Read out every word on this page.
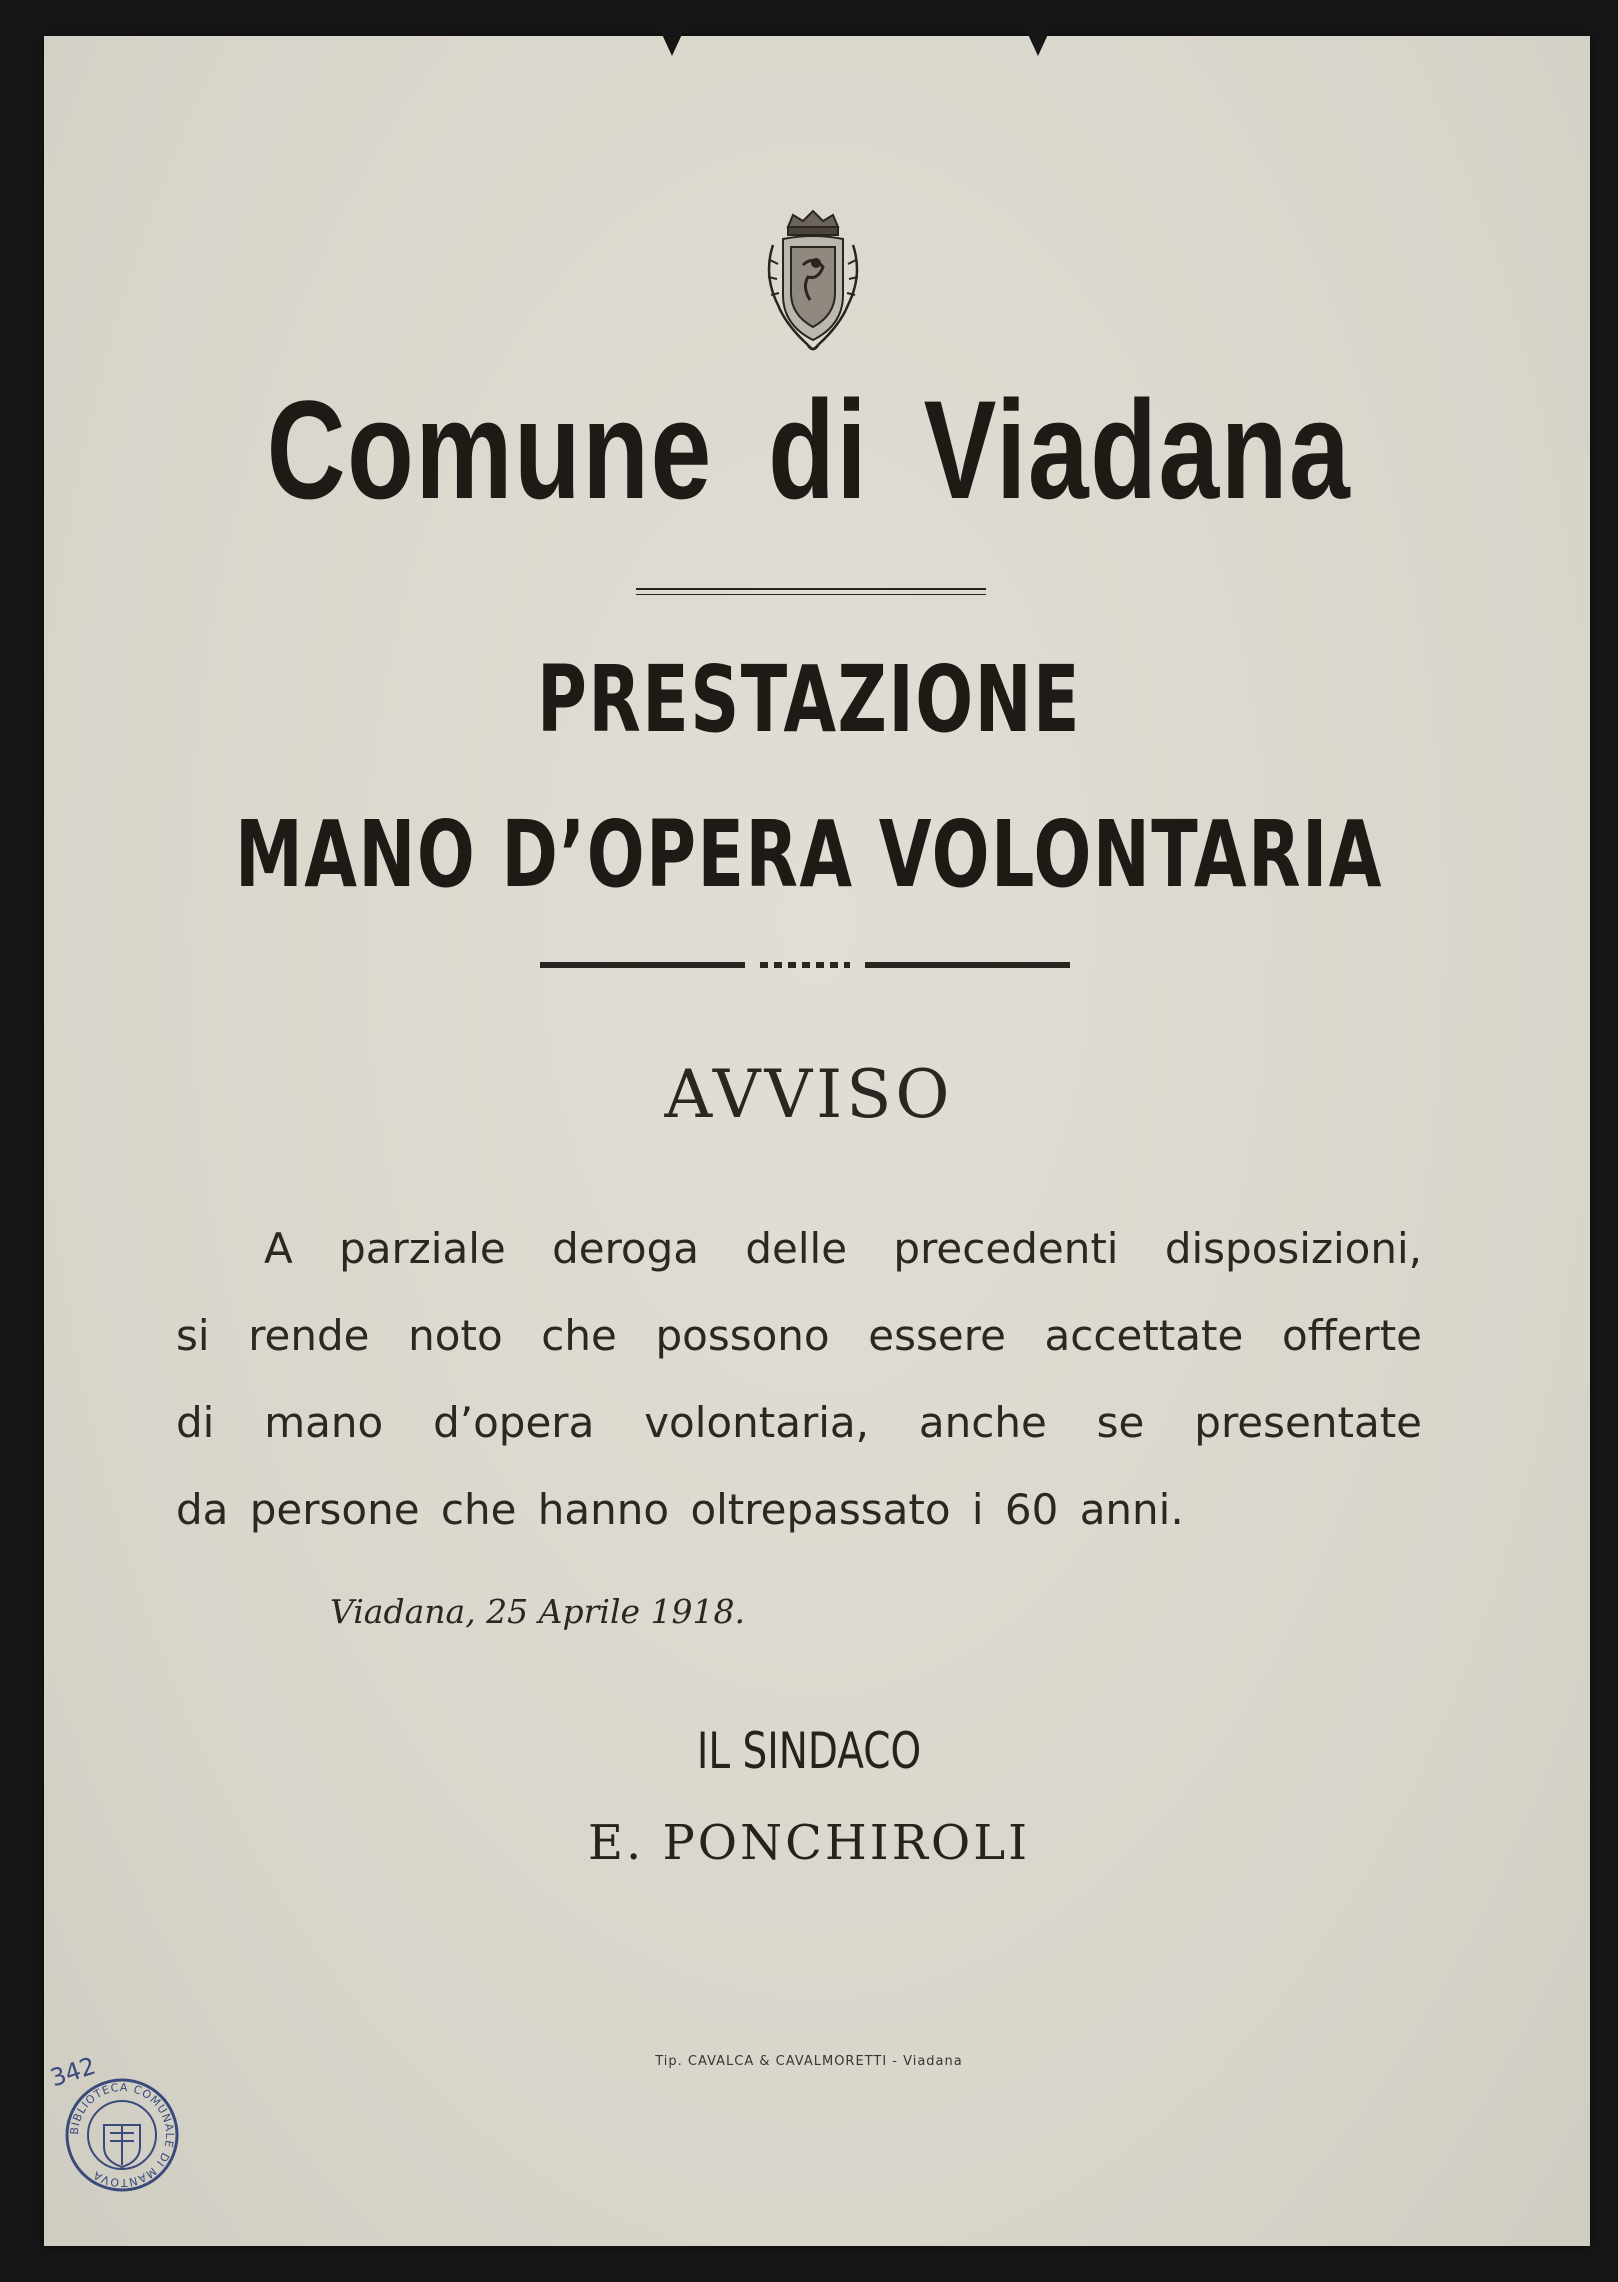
Comune di Viadana
PRESTAZIONE
MANO D’OPERA VOLONTARIA
AVVISO
A parziale deroga delle precedenti disposizioni,
si rende noto che possono essere accettate offerte
di mano d’opera volontaria, anche se presentate
da persone che hanno oltrepassato i 60 anni.
Viadana, 25 Aprile 1918.
IL SINDACO
E. PONCHIROLI
Tip. CAVALCA & CAVALMORETTI - Viadana
342
BIBLIOTECA COMUNALE DI MANTOVA
